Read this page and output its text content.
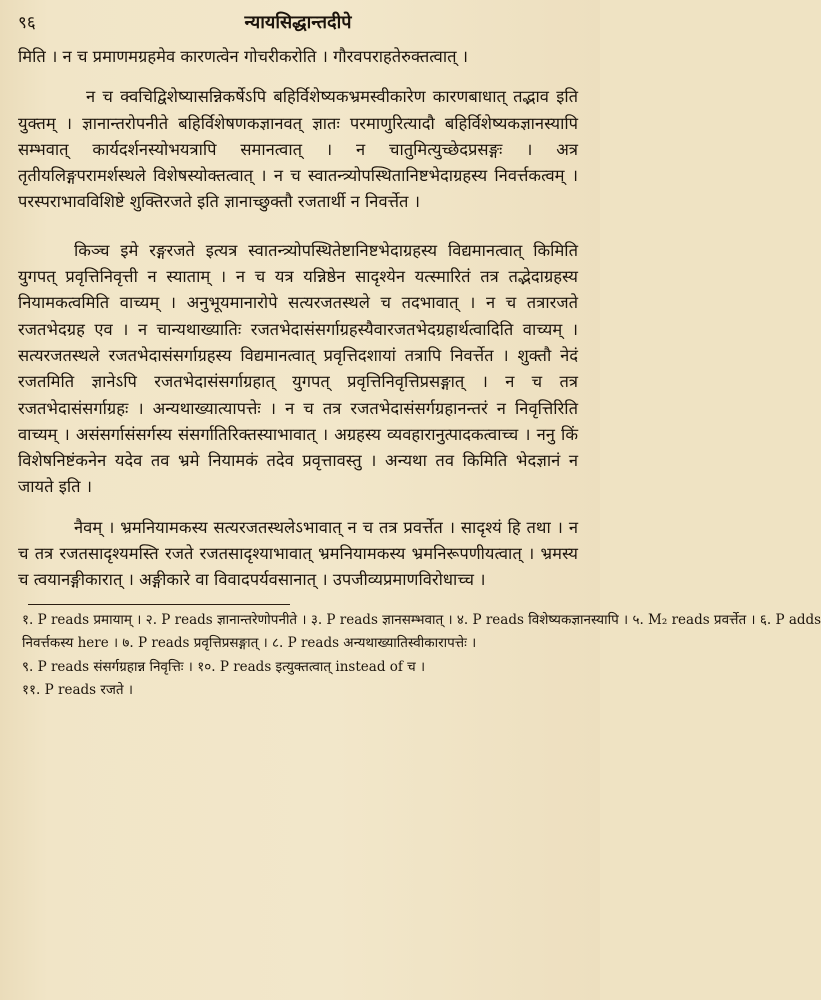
९६	न्यायसिद्धान्तदीपे

मिति । न च प्रमाणमग्रहमेव कारणत्वेन गोचरीकरोति । गौरवपराहतेरुक्तत्वात् ।

न च क्वचिद्विशेष्यासन्निकर्षेऽपि बहिर्विशेष्यकभ्रमस्वीकारेण कारणबाधात् तद्भाव इति युक्तम् । ज्ञानान्तरोपनीते बहिर्विशेषणकज्ञानवत् ज्ञातः परमाणुरित्यादौ बहिर्विशेष्यकज्ञानस्यापि सम्भवात् कार्यदर्शनस्योभयत्रापि समानत्वात् । न चातुमित्युच्छेदप्रसङ्गः । अत्र तृतीयलिङ्गपरामर्शस्थले विशेषस्योक्तत्वात् । न च स्वातन्त्र्योपस्थितानिष्टभेदाग्रहस्य निवर्त्तकत्वम् । परस्पराभावविशिष्टे शुक्तिरजते इति ज्ञानाच्छुक्तौ रजतार्थी न निवर्त्तेत ।

किञ्च इमे रङ्गरजते इत्यत्र स्वातन्त्र्योपस्थितेष्टानिष्टभेदाग्रहस्य विद्यमानत्वात् किमिति युगपत् प्रवृत्तिनिवृत्ती न स्याताम् । न च यत्र यन्निष्ठेन सादृश्येन यत्स्मारितं तत्र तद्भेदाग्रहस्य नियामकत्वमिति वाच्यम् । अनुभूयमानारोपे सत्यरजतस्थले च तदभावात् । न च तत्रारजते रजतभेदग्रह एव । न चान्यथाख्यातिः रजतभेदासंसर्गाग्रहस्यैवारजतभेदग्रहार्थत्वादिति वाच्यम् । सत्यरजतस्थले रजतभेदासंसर्गाग्रहस्य विद्यमानत्वात् प्रवृत्तिदशायां तत्रापि निवर्त्तेत । शुक्तौ नेदं रजतमिति ज्ञानेऽपि रजतभेदासंसर्गाग्रहात् युगपत् प्रवृत्तिनिवृत्तिप्रसङ्गात् । न च तत्र रजतभेदासंसर्गाग्रहः । अन्यथाख्यात्यापत्तेः । न च तत्र रजतभेदासंसर्गग्रहानन्तरं न निवृत्तिरिति वाच्यम् । असंसर्गासंसर्गस्य संसर्गातिरिक्तस्याभावात् । अग्रहस्य व्यवहारानुत्पादकत्वाच्च । ननु किं विशेषनिष्टंकनेन यदेव तव भ्रमे नियामकं तदेव प्रवृत्तावस्तु । अन्यथा तव किमिति भेदज्ञानं न जायते इति ।

नैवम् । भ्रमनियामकस्य सत्यरजतस्थलेऽभावात् न च तत्र प्रवर्त्तेत । सादृश्यं हि तथा । न च तत्र रजतसादृश्यमस्ति रजते रजतसादृश्याभावात् भ्रमनियामकस्य भ्रमनिरूपणीयत्वात् । भ्रमस्य च त्वयानङ्गीकारात् । अङ्गीकारे वा विवादपर्यवसानात् । उपजीव्यप्रमाणविरोधाच्च ।

१. P reads प्रमायाम् । २. P reads ज्ञानान्तरेणोपनीते । ३. P reads ज्ञानसम्भवात् । ४. P reads विशेष्यकज्ञानस्यापि । ५. M₂ reads प्रवर्त्तेत । ६. P adds
निवर्त्तकस्य here । ७. P reads प्रवृत्तिप्रसङ्गात् । ८. P reads अन्यथाख्यातिस्वीकारापत्तेः ।
९. P reads संसर्गग्रहान्न निवृत्तिः । १०. P reads इत्युक्तत्वात् instead of च ।
११. P reads रजते ।
